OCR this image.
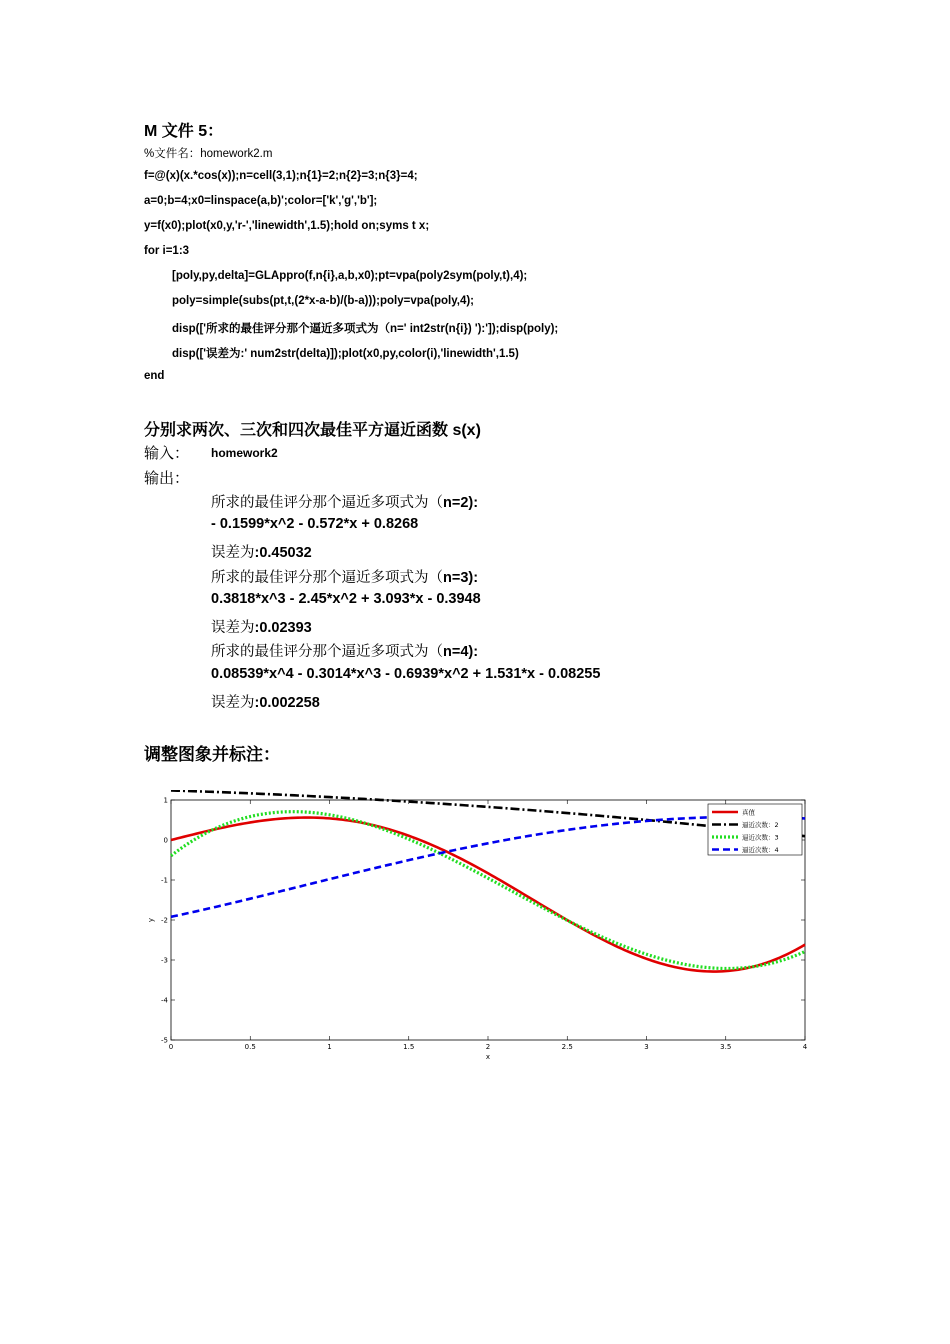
M 文件 5：
%文件名：homework2.m
f=@(x)(x.*cos(x));n=cell(3,1);n{1}=2;n{2}=3;n{3}=4;
a=0;b=4;x0=linspace(a,b)';color=['k','g','b'];
y=f(x0);plot(x0,y,'r-','linewidth',1.5);hold on;syms t x;
for i=1:3
[poly,py,delta]=GLAppro(f,n{i},a,b,x0);pt=vpa(poly2sym(poly,t),4);
poly=simple(subs(pt,t,(2*x-a-b)/(b-a)));poly=vpa(poly,4);
disp(['所求的最佳评分那个逼近多项式为（n=' int2str(n{i}) '):']);disp(poly);
disp(['误差为:' num2str(delta)]);plot(x0,py,color(i),'linewidth',1.5)
end
分别求两次、三次和四次最佳平方逼近函数 s(x)
输入： homework2
输出：
所求的最佳评分那个逼近多项式为（n=2):
- 0.1599*x^2 - 0.572*x + 0.8268
误差为:0.45032
所求的最佳评分那个逼近多项式为（n=3):
0.3818*x^3 - 2.45*x^2 + 3.093*x - 0.3948
误差为:0.02393
所求的最佳评分那个逼近多项式为（n=4):
0.08539*x^4 - 0.3014*x^3 - 0.6939*x^2 + 1.531*x - 0.08255
误差为:0.002258
调整图象并标注：
0	0.5	1	1.5	2	2.5	3	3.5	4
1
0
-1
-2
-3
-4
-5
x
y
真值
逼近次数：2
逼近次数：3
逼近次数：4
